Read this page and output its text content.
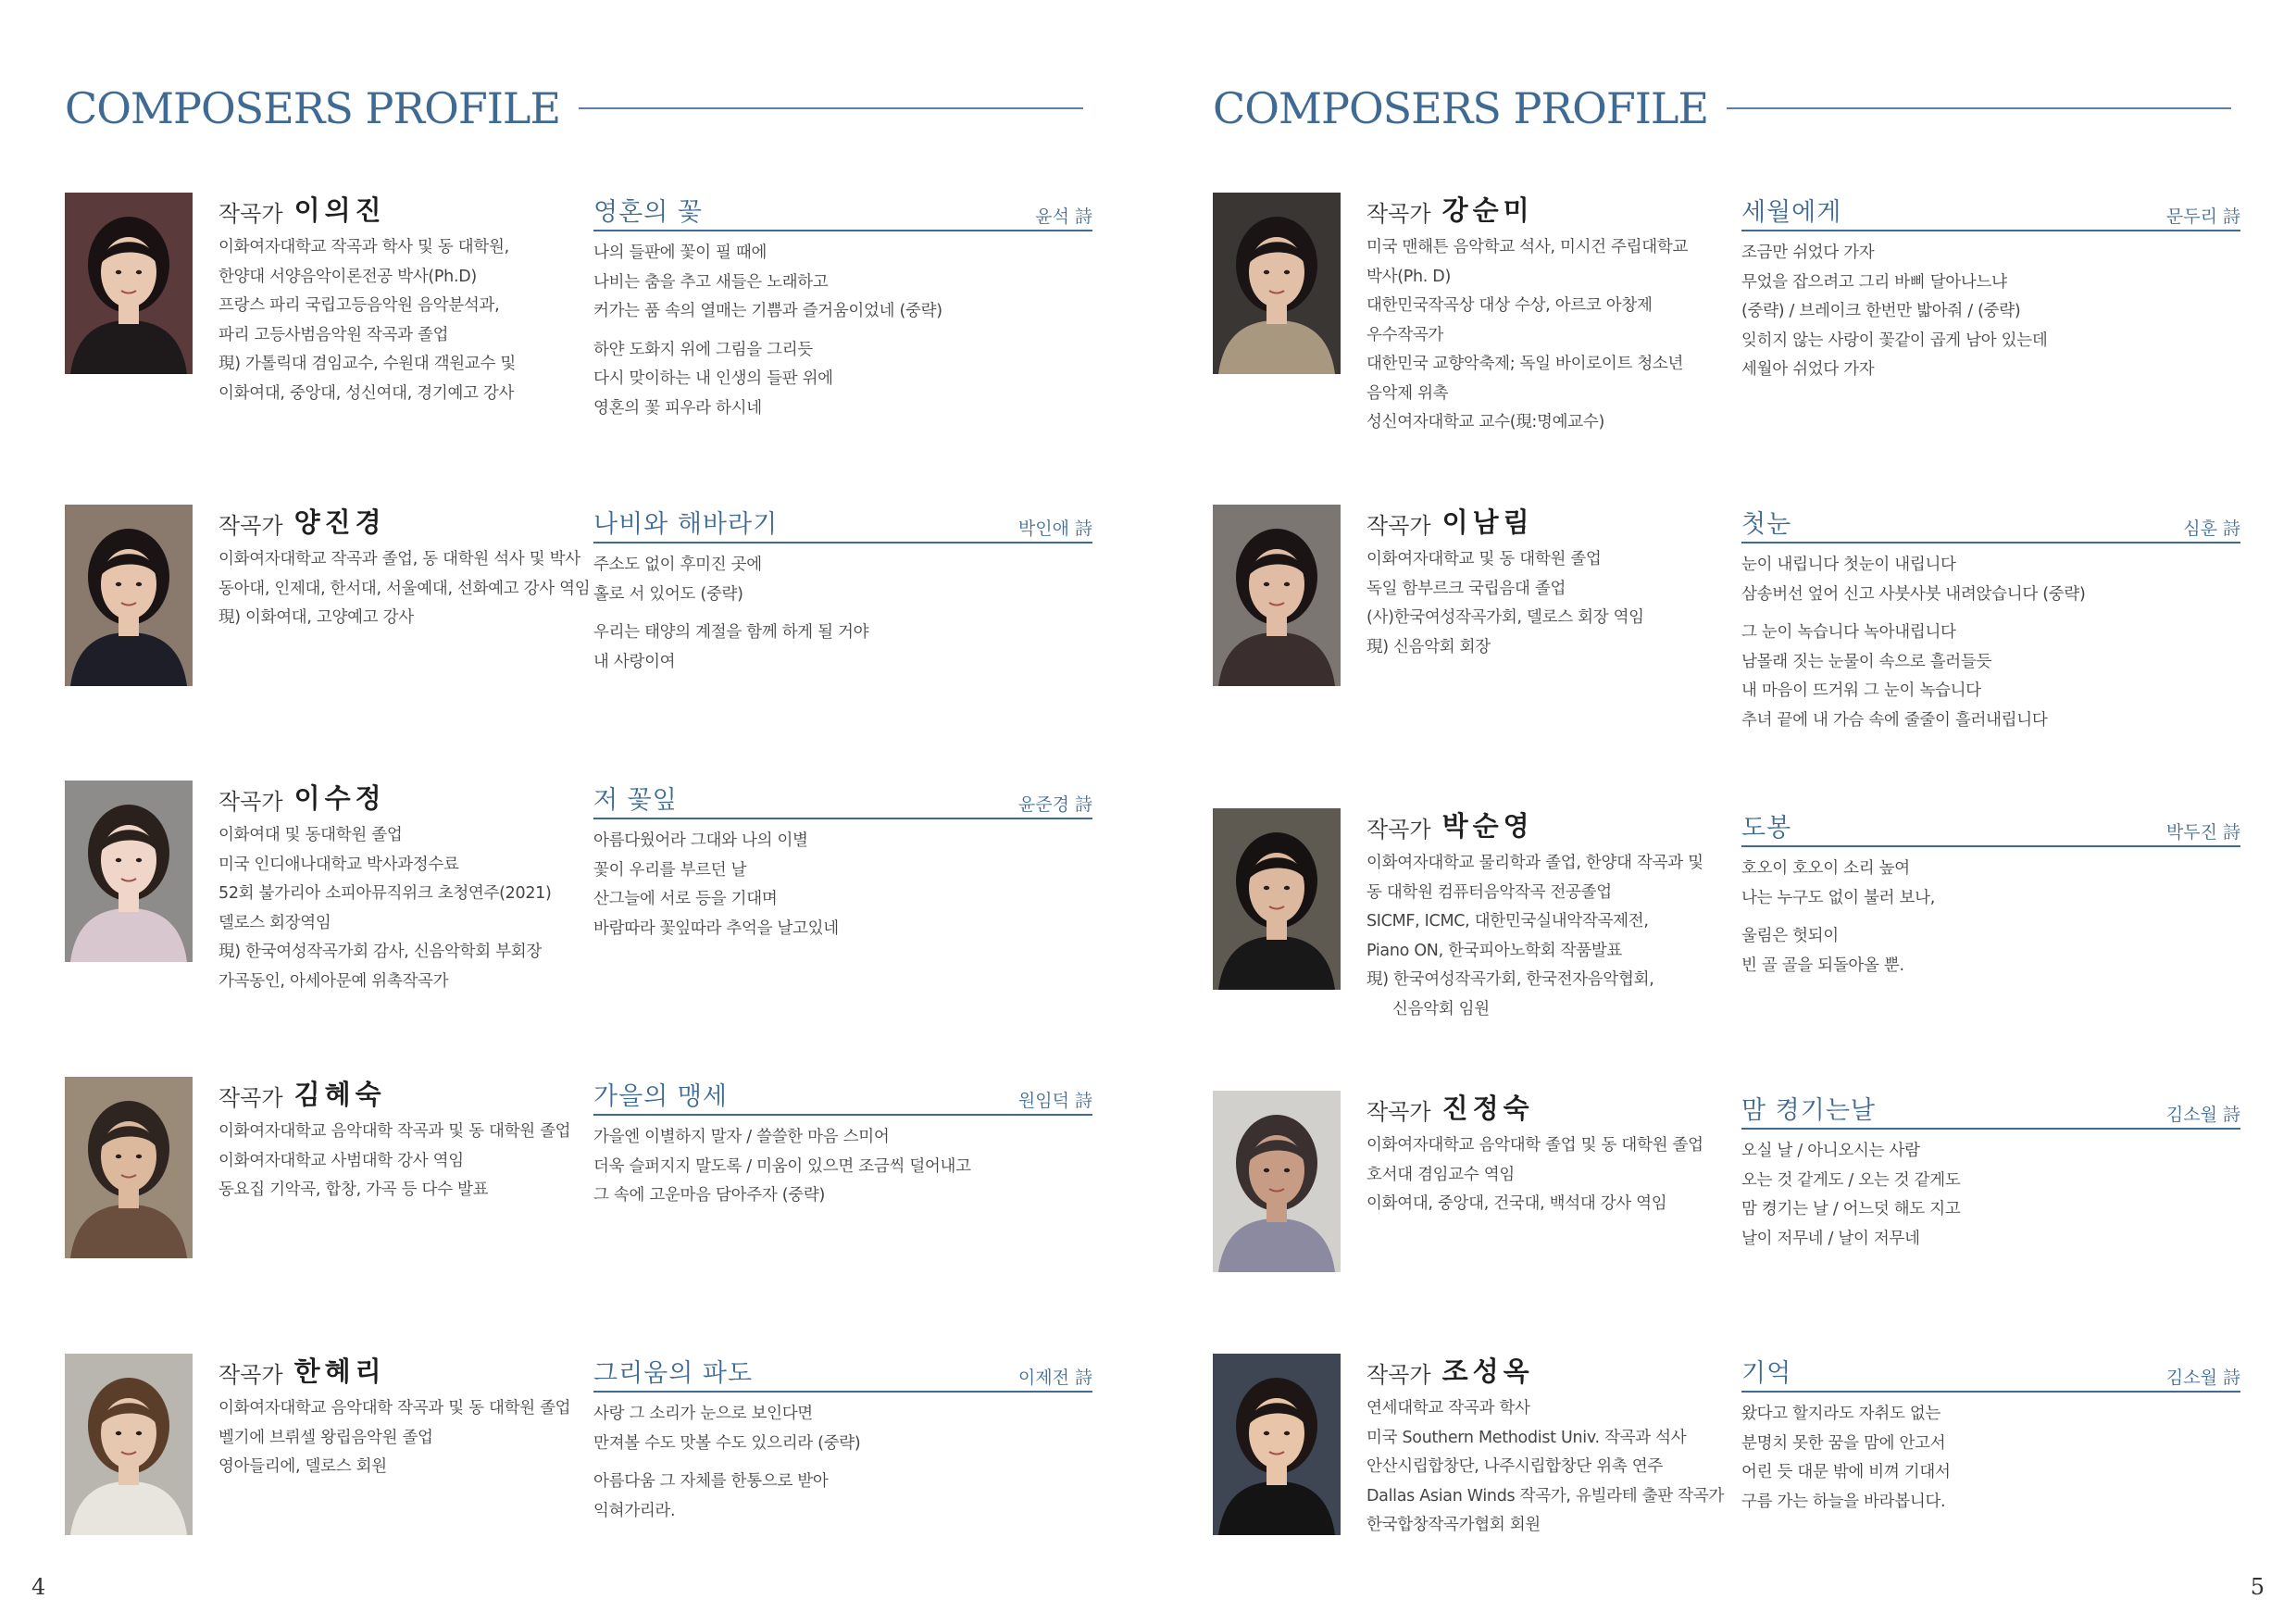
COMPOSERS PROFILE
작곡가 이의진
이화여자대학교 작곡과 학사 및 동 대학원,
한양대 서양음악이론전공 박사(Ph.D)
프랑스 파리 국립고등음악원 음악분석과,
파리 고등사범음악원 작곡과 졸업
現) 가톨릭대 겸임교수, 수원대 객원교수 및
이화여대, 중앙대, 성신여대, 경기예고 강사
영혼의 꽃	윤석 詩
나의 들판에 꽃이 필 때에
나비는 춤을 추고 새들은 노래하고
커가는 품 속의 열매는 기쁨과 즐거움이었네 (중략)
하얀 도화지 위에 그림을 그리듯
다시 맞이하는 내 인생의 들판 위에
영혼의 꽃 피우라 하시네
작곡가 양진경
이화여자대학교 작곡과 졸업, 동 대학원 석사 및 박사
동아대, 인제대, 한서대, 서울예대, 선화예고 강사 역임
現) 이화여대, 고양예고 강사
나비와 해바라기	박인애 詩
주소도 없이 후미진 곳에
홀로 서 있어도 (중략)
우리는 태양의 계절을 함께 하게 될 거야
내 사랑이여
작곡가 이수정
이화여대 및 동대학원 졸업
미국 인디애나대학교 박사과정수료
52회 불가리아 소피아뮤직위크 초청연주(2021)
델로스 회장역임
現) 한국여성작곡가회 감사, 신음악학회 부회장
가곡동인, 아세아문예 위촉작곡가
저 꽃잎	윤준경 詩
아름다웠어라 그대와 나의 이별
꽃이 우리를 부르던 날
산그늘에 서로 등을 기대며
바람따라 꽃잎따라 추억을 날고있네
작곡가 김혜숙
이화여자대학교 음악대학 작곡과 및 동 대학원 졸업
이화여자대학교 사범대학 강사 역임
동요집 기악곡, 합창, 가곡 등 다수 발표
가을의 맹세	원임덕 詩
가을엔 이별하지 말자 / 쓸쓸한 마음 스미어
더욱 슬퍼지지 말도록 / 미움이 있으면 조금씩 덜어내고
그 속에 고운마음 담아주자 (중략)
작곡가 한혜리
이화여자대학교 음악대학 작곡과 및 동 대학원 졸업
벨기에 브뤼셀 왕립음악원 졸업
영아들리에, 델로스 회원
그리움의 파도	이제전 詩
사랑 그 소리가 눈으로 보인다면
만져볼 수도 맛볼 수도 있으리라 (중략)
아름다움 그 자체를 한통으로 받아
익혀가리라.
4
COMPOSERS PROFILE
작곡가 강순미
미국 맨해튼 음악학교 석사, 미시건 주립대학교
박사(Ph. D)
대한민국작곡상 대상 수상, 아르코 아창제
우수작곡가
대한민국 교향악축제; 독일 바이로이트 청소년
음악제 위촉
성신여자대학교 교수(現:명예교수)
세월에게	문두리 詩
조금만 쉬었다 가자
무었을 잡으려고 그리 바삐 달아나느냐
(중략) / 브레이크 한번만 밟아줘 / (중략)
잊히지 않는 사랑이 꽃같이 곱게 남아 있는데
세월아 쉬었다 가자
작곡가 이남림
이화여자대학교 및 동 대학원 졸업
독일 함부르크 국립음대 졸업
(사)한국여성작곡가회, 델로스 회장 역임
現) 신음악회 회장
첫눈	심훈 詩
눈이 내립니다 첫눈이 내립니다
삼송버선 엎어 신고 사붓사붓 내려앉습니다 (중략)
그 눈이 녹습니다 녹아내립니다
남몰래 짓는 눈물이 속으로 흘러들듯
내 마음이 뜨거워 그 눈이 녹습니다
추녀 끝에 내 가슴 속에 줄줄이 흘러내립니다
작곡가 박순영
이화여자대학교 물리학과 졸업, 한양대 작곡과 및
동 대학원 컴퓨터음악작곡 전공졸업
SICMF, ICMC, 대한민국실내악작곡제전,
Piano ON, 한국피아노학회 작품발표
現) 한국여성작곡가회, 한국전자음악협회,
신음악회 임원
도봉	박두진 詩
호오이 호오이 소리 높여
나는 누구도 없이 불러 보나,
울림은 헛되이
빈 골 골을 되돌아올 뿐.
작곡가 진정숙
이화여자대학교 음악대학 졸업 및 동 대학원 졸업
호서대 겸임교수 역임
이화여대, 중앙대, 건국대, 백석대 강사 역임
맘 켱기는날	김소월 詩
오실 날 / 아니오시는 사람
오는 것 같게도 / 오는 것 같게도
맘 켱기는 날 / 어느덧 해도 지고
날이 저무네 / 날이 저무네
작곡가 조성옥
연세대학교 작곡과 학사
미국 Southern Methodist Univ. 작곡과 석사
안산시립합창단, 나주시립합창단 위촉 연주
Dallas Asian Winds 작곡가, 유빌라테 출판 작곡가
한국합창작곡가협회 회원
기억	김소월 詩
왔다고 할지라도 자취도 없는
분명치 못한 꿈을 맘에 안고서
어린 듯 대문 밖에 비껴 기대서
구름 가는 하늘을 바라봅니다.
5
